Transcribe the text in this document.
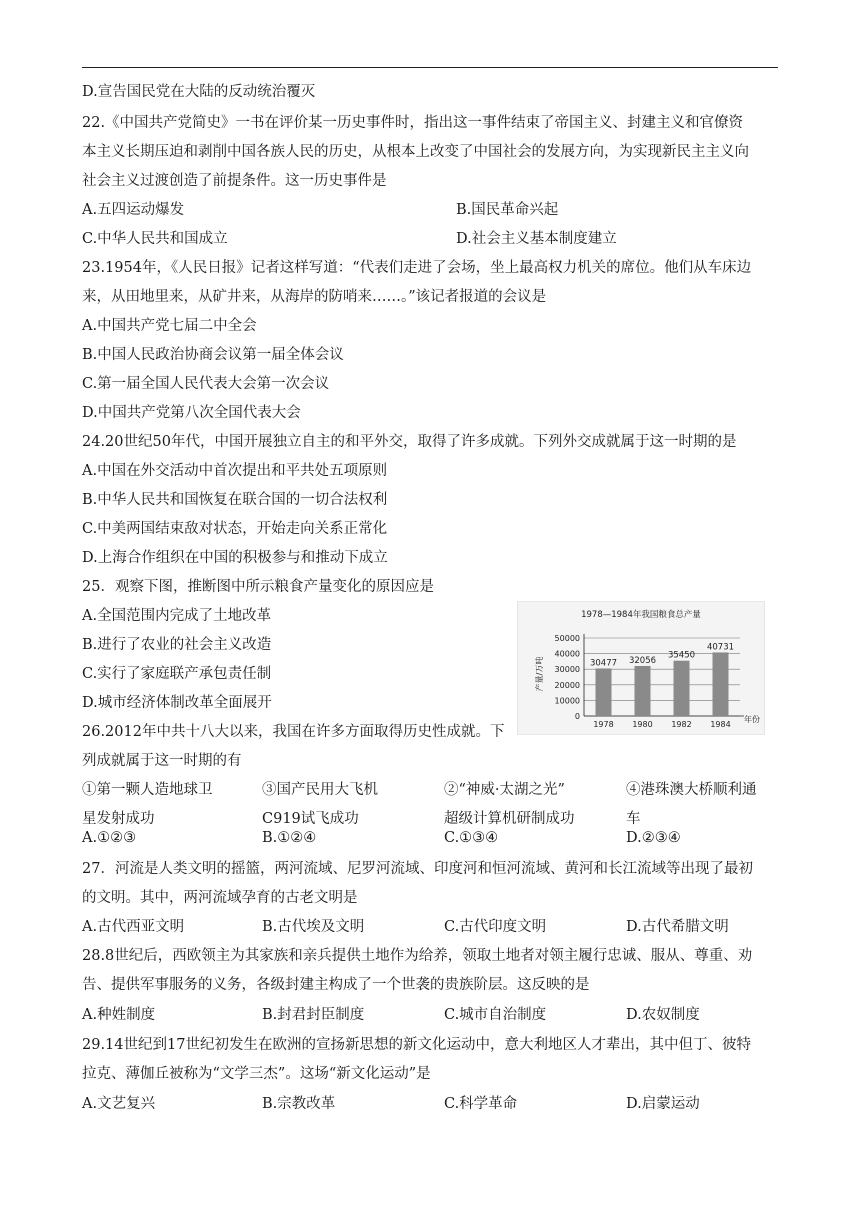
D.宣告国民党在大陆的反动统治覆灭
22.《中国共产党简史》一书在评价某一历史事件时，指出这一事件结束了帝国主义、封建主义和官僚资
本主义长期压迫和剥削中国各族人民的历史，从根本上改变了中国社会的发展方向，为实现新民主主义向
社会主义过渡创造了前提条件。这一历史事件是
A.五四运动爆发	B.国民革命兴起
C.中华人民共和国成立	D.社会主义基本制度建立
23.1954年，《人民日报》记者这样写道：“代表们走进了会场，坐上最高权力机关的席位。他们从车床边
来，从田地里来，从矿井来，从海岸的防哨来……。”该记者报道的会议是
A.中国共产党七届二中全会
B.中国人民政治协商会议第一届全体会议
C.第一届全国人民代表大会第一次会议
D.中国共产党第八次全国代表大会
24.20世纪50年代，中国开展独立自主的和平外交，取得了许多成就。下列外交成就属于这一时期的是
A.中国在外交活动中首次提出和平共处五项原则
B.中华人民共和国恢复在联合国的一切合法权利
C.中美两国结束敌对状态，开始走向关系正常化
D.上海合作组织在中国的积极参与和推动下成立
25．观察下图，推断图中所示粮食产量变化的原因应是
A.全国范围内完成了土地改革
B.进行了农业的社会主义改造
C.实行了家庭联产承包责任制
D.城市经济体制改革全面展开
1978—1984年我国粮食总产量
产量/万吨
年份
0
10000
20000
30000
40000
50000
30477
1978
32056
1980
35450
1982
40731
1984
26.2012年中共十八大以来，我国在许多方面取得历史性成就。下
列成就属于这一时期的有
①第一颗人造地球卫
星发射成功
③国产民用大飞机
C919试飞成功
②“神威·太湖之光”
超级计算机研制成功
④港珠澳大桥顺利通
车
A.①②③	B.①②④	C.①③④	D.②③④
27．河流是人类文明的摇篮，两河流域、尼罗河流域、印度河和恒河流域、黄河和长江流域等出现了最初
的文明。其中，两河流域孕育的古老文明是
A.古代西亚文明	B.古代埃及文明	C.古代印度文明	D.古代希腊文明
28.8世纪后，西欧领主为其家族和亲兵提供土地作为给养，领取土地者对领主履行忠诚、服从、尊重、劝
告、提供军事服务的义务，各级封建主构成了一个世袭的贵族阶层。这反映的是
A.种姓制度	B.封君封臣制度	C.城市自治制度	D.农奴制度
29.14世纪到17世纪初发生在欧洲的宣扬新思想的新文化运动中，意大利地区人才辈出，其中但丁、彼特
拉克、薄伽丘被称为“文学三杰”。这场“新文化运动”是
A.文艺复兴	B.宗教改革	C.科学革命	D.启蒙运动
